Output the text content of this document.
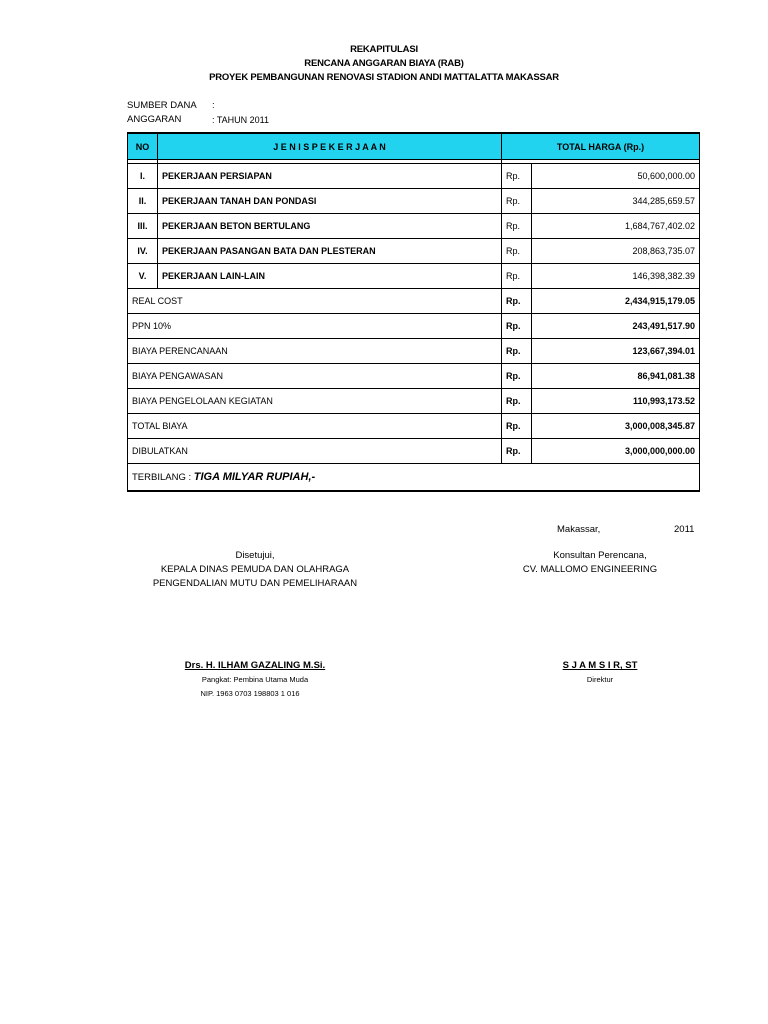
REKAPITULASI
RENCANA ANGGARAN BIAYA (RAB)
PROYEK PEMBANGUNAN RENOVASI STADION ANDI MATTALATTA MAKASSAR
SUMBER DANA :
ANGGARAN	: TAHUN 2011
NO	J E N I S P E K E R J A A N	TOTAL HARGA (Rp.)	

I.	PEKERJAAN PERSIAPAN	Rp.	50,600,000.00
II.	PEKERJAAN TANAH DAN PONDASI	Rp.	344,285,659.57
III.	PEKERJAAN BETON BERTULANG	Rp.	1,684,767,402.02
IV.	PEKERJAAN PASANGAN BATA DAN PLESTERAN	Rp.	208,863,735.07
V.	PEKERJAAN LAIN-LAIN	Rp.	146,398,382.39
REAL COST		Rp.	2,434,915,179.05
PPN 10%		Rp.	243,491,517.90
BIAYA PERENCANAAN		Rp.	123,667,394.01
BIAYA PENGAWASAN		Rp.	86,941,081.38
BIAYA PENGELOLAAN KEGIATAN		Rp.	110,993,173.52
TOTAL BIAYA		Rp.	3,000,008,345.87
DIBULATKAN		Rp.	3,000,000,000.00
TERBILANG : TIGA MILYAR RUPIAH,-			
Makassar,	2011
Disetujui,
KEPALA DINAS PEMUDA DAN OLAHRAGA
PENGENDALIAN MUTU DAN PEMELIHARAAN
Konsultan Perencana,
CV. MALLOMO ENGINEERING
Drs. H. ILHAM GAZALING M.Si.
Pangkat: Pembina Utama Muda
NIP. 1963 0703 198803 1 016
S J A M S I R, ST
Direktur
